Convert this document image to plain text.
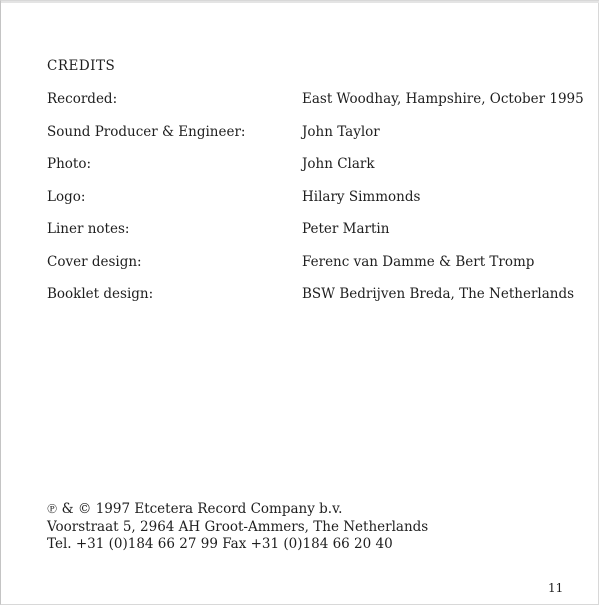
CREDITS
Recorded:	East Woodhay, Hampshire, October 1995
Sound Producer & Engineer:	John Taylor
Photo:	John Clark
Logo:	Hilary Simmonds
Liner notes:	Peter Martin
Cover design:	Ferenc van Damme & Bert Tromp
Booklet design:	BSW Bedrijven Breda, The Netherlands
℗ & © 1997 Etcetera Record Company b.v.
Voorstraat 5, 2964 AH Groot-Ammers, The Netherlands
Tel. +31 (0)184 66 27 99 Fax +31 (0)184 66 20 40
11
